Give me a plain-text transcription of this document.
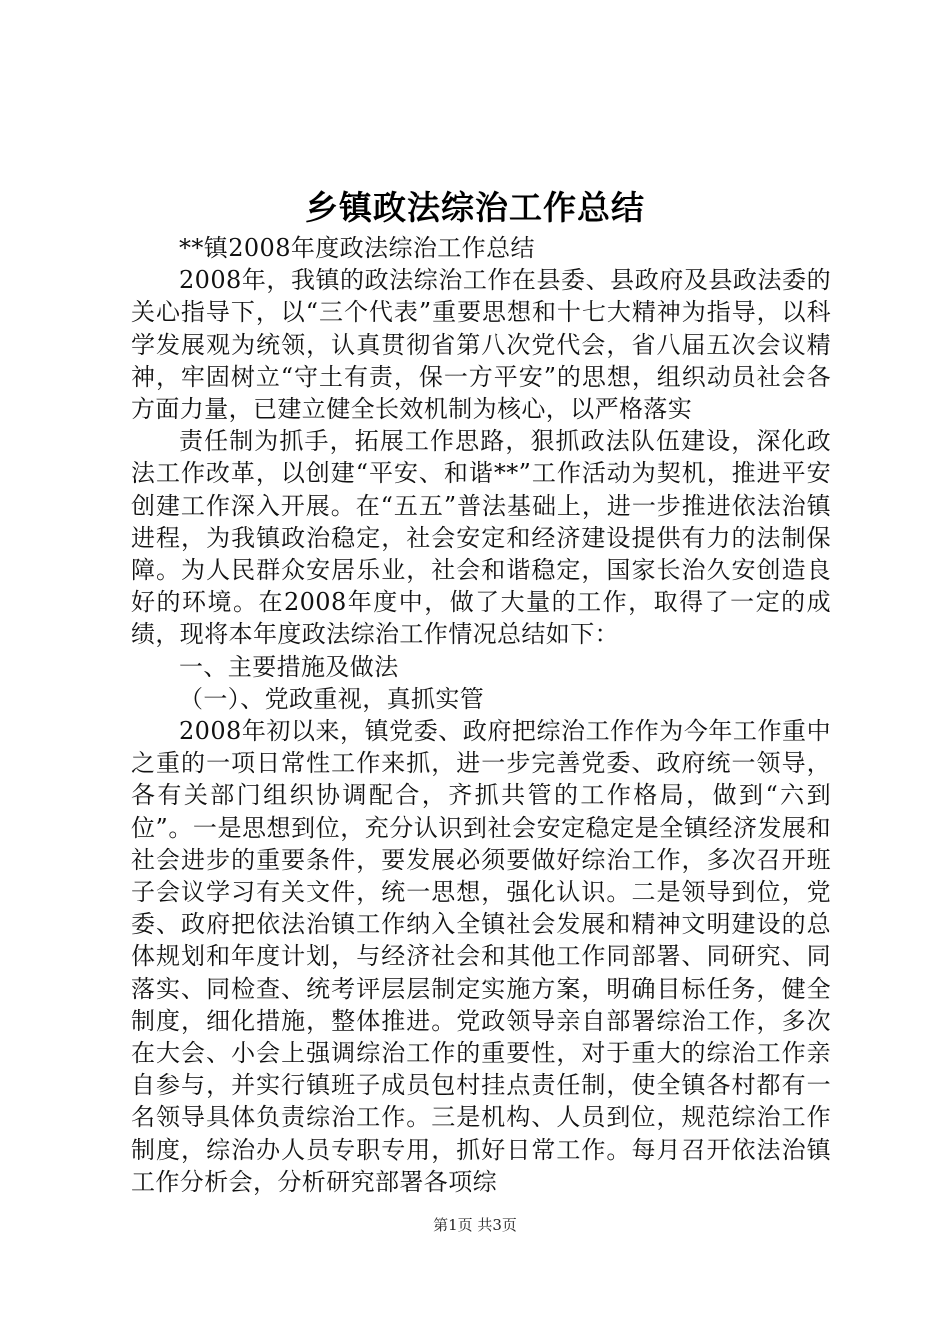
乡镇政法综治工作总结

**镇2008年度政法综治工作总结

2008年，我镇的政法综治工作在县委、县政府及县政法委的关心指导下，以“三个代表”重要思想和十七大精神为指导，以科学发展观为统领，认真贯彻省第八次党代会，省八届五次会议精神，牢固树立“守土有责，保一方平安”的思想，组织动员社会各方面力量，已建立健全长效机制为核心，以严格落实

责任制为抓手，拓展工作思路，狠抓政法队伍建设，深化政法工作改革，以创建“平安、和谐**”工作活动为契机，推进平安创建工作深入开展。在“五五”普法基础上，进一步推进依法治镇进程，为我镇政治稳定，社会安定和经济建设提供有力的法制保障。为人民群众安居乐业，社会和谐稳定，国家长治久安创造良好的环境。在2008年度中，做了大量的工作，取得了一定的成绩，现将本年度政法综治工作情况总结如下：

一、主要措施及做法

（一）、党政重视，真抓实管

2008年初以来，镇党委、政府把综治工作作为今年工作重中之重的一项日常性工作来抓，进一步完善党委、政府统一领导，各有关部门组织协调配合，齐抓共管的工作格局，做到“六到位”。一是思想到位，充分认识到社会安定稳定是全镇经济发展和社会进步的重要条件，要发展必须要做好综治工作，多次召开班子会议学习有关文件，统一思想，强化认识。二是领导到位，党委、政府把依法治镇工作纳入全镇社会发展和精神文明建设的总体规划和年度计划，与经济社会和其他工作同部署、同研究、同落实、同检查、统考评层层制定实施方案，明确目标任务，健全制度，细化措施，整体推进。党政领导亲自部署综治工作，多次在大会、小会上强调综治工作的重要性，对于重大的综治工作亲自参与，并实行镇班子成员包村挂点责任制，使全镇各村都有一名领导具体负责综治工作。三是机构、人员到位，规范综治工作制度，综治办人员专职专用，抓好日常工作。每月召开依法治镇工作分析会，分析研究部署各项综

第1页 共3页
